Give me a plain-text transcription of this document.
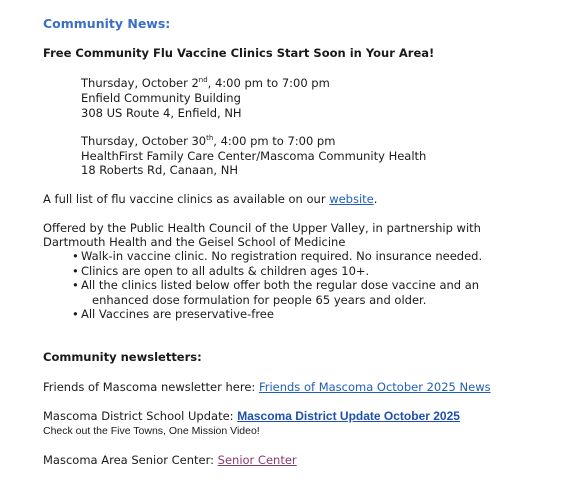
Community News:
Free Community Flu Vaccine Clinics Start Soon in Your Area!
Thursday, October 2nd, 4:00 pm to 7:00 pm
Enfield Community Building
308 US Route 4, Enfield, NH
Thursday, October 30th, 4:00 pm to 7:00 pm
HealthFirst Family Care Center/Mascoma Community Health
18 Roberts Rd, Canaan, NH
A full list of flu vaccine clinics as available on our website.
Offered by the Public Health Council of the Upper Valley, in partnership with
Dartmouth Health and the Geisel School of Medicine
• Walk-in vaccine clinic. No registration required. No insurance needed.
• Clinics are open to all adults & children ages 10+.
• All the clinics listed below offer both the regular dose vaccine and an
enhanced dose formulation for people 65 years and older.
• All Vaccines are preservative-free
Community newsletters:
Friends of Mascoma newsletter here: Friends of Mascoma October 2025 News
Mascoma District School Update: Mascoma District Update October 2025
Check out the Five Towns, One Mission Video!
Mascoma Area Senior Center: Senior Center
